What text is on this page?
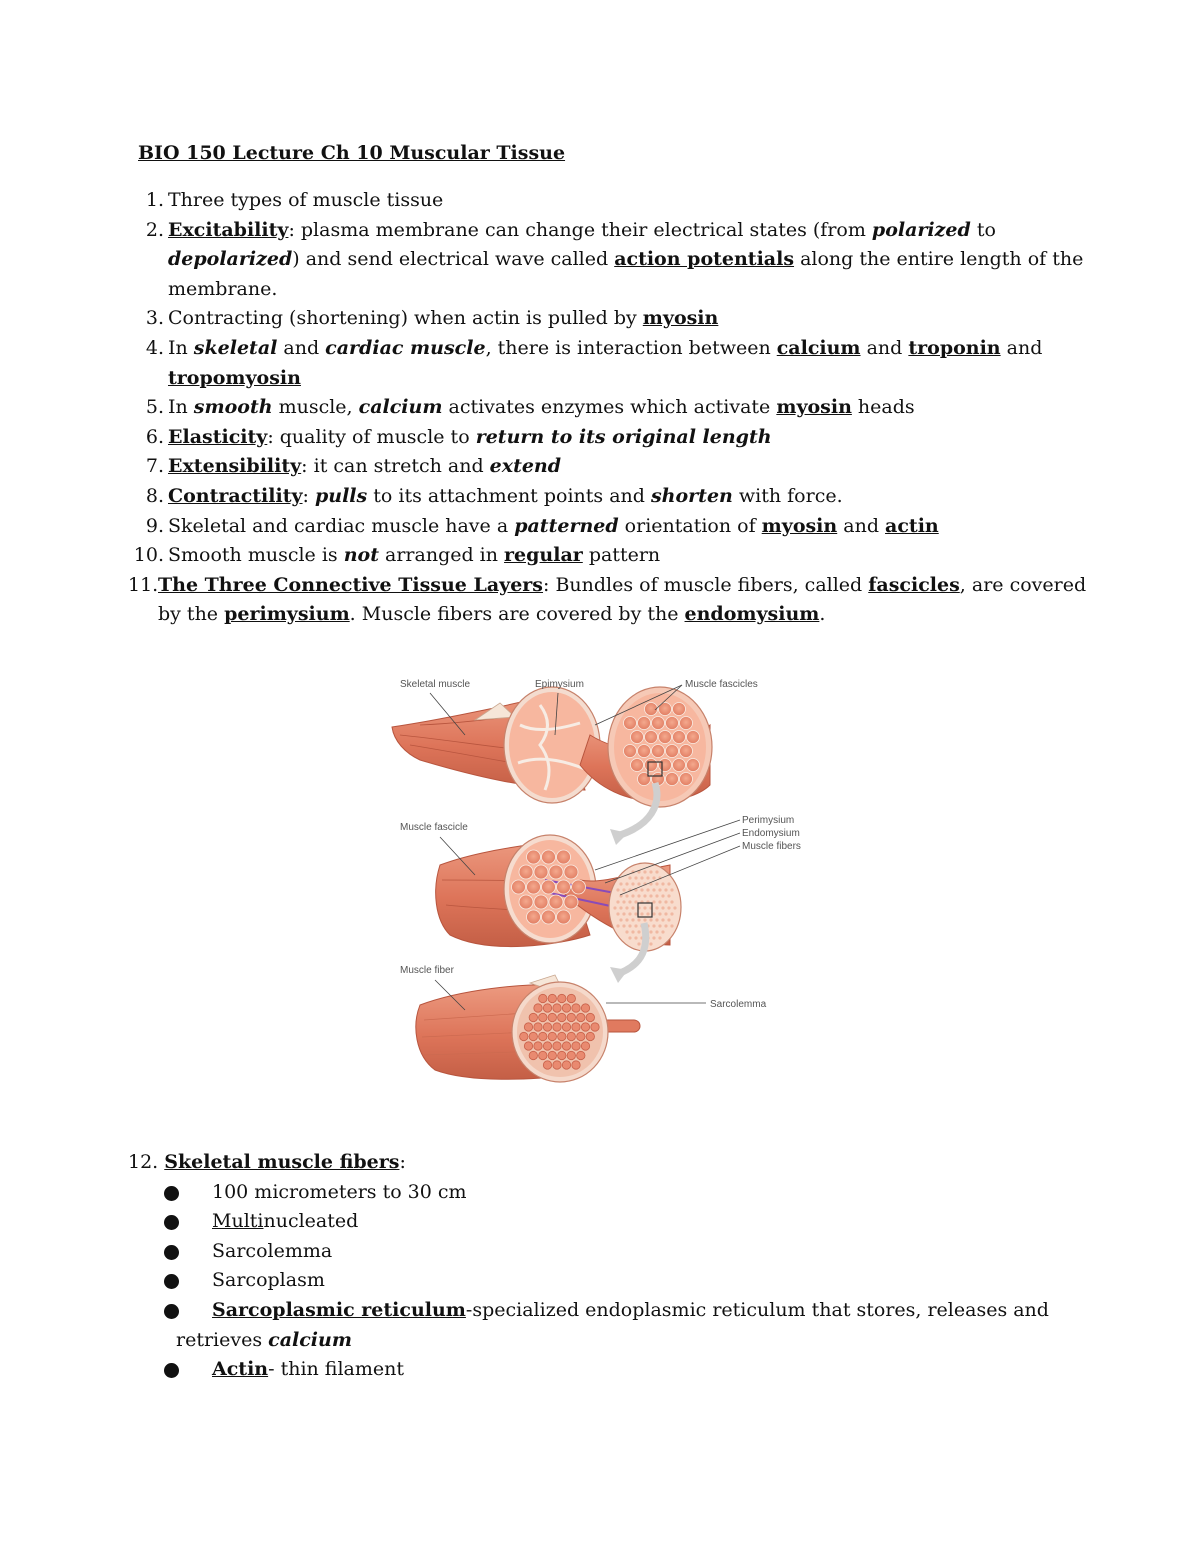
BIO 150 Lecture Ch 10 Muscular Tissue
1. Three types of muscle tissue
2. Excitability: plasma membrane can change their electrical states (from polarized to depolarized) and send electrical wave called action potentials along the entire length of the membrane.
3. Contracting (shortening) when actin is pulled by myosin
4. In skeletal and cardiac muscle, there is interaction between calcium and troponin and tropomyosin
5. In smooth muscle, calcium activates enzymes which activate myosin heads
6. Elasticity: quality of muscle to return to its original length
7. Extensibility: it can stretch and extend
8. Contractility: pulls to its attachment points and shorten with force.
9. Skeletal and cardiac muscle have a patterned orientation of myosin and actin
10. Smooth muscle is not arranged in regular pattern
11. The Three Connective Tissue Layers: Bundles of muscle fibers, called fascicles, are covered by the perimysium. Muscle fibers are covered by the endomysium.
Skeletal muscle	Epimysium	Muscle fascicles
Muscle fascicle
Perimysium
Endomysium
Muscle fibers
Muscle fiber
Sarcolemma
12. Skeletal muscle fibers:
100 micrometers to 30 cm
Multinucleated
Sarcolemma
Sarcoplasm
Sarcoplasmic reticulum-specialized endoplasmic reticulum that stores, releases and retrieves calcium
Actin- thin filament
